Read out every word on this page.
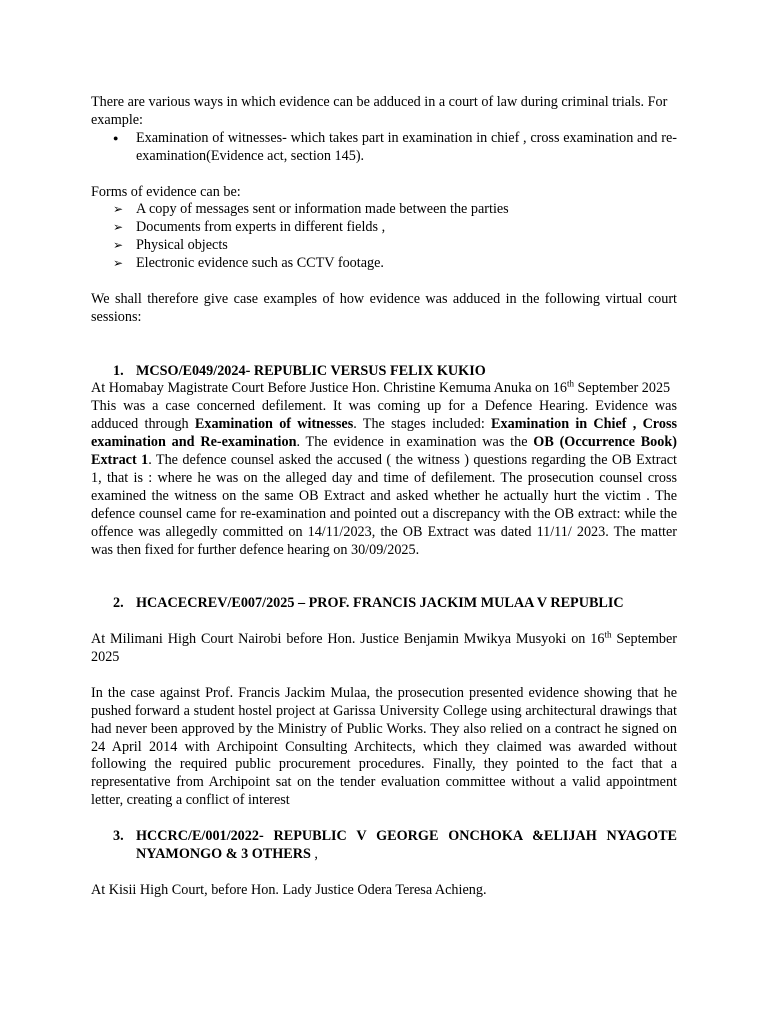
There are various ways in which evidence can be adduced in a court of law during criminal trials. For example:

● Examination of witnesses- which takes part in examination in chief , cross examination and re- examination(Evidence act, section 145).

Forms of evidence can be:

➢ A copy of messages sent or information made between the parties
➢ Documents from experts in different fields ,
➢ Physical objects
➢ Electronic evidence such as CCTV footage.

We shall therefore give case examples of how evidence was adduced in the following virtual court sessions:

1. MCSO/E049/2024- REPUBLIC VERSUS FELIX KUKIO

At Homabay Magistrate Court Before Justice Hon. Christine Kemuma Anuka on 16th September 2025

This was a case concerned defilement. It was coming up for a Defence Hearing. Evidence was adduced through Examination of witnesses. The stages included: Examination in Chief , Cross examination and Re-examination. The evidence in examination was the OB (Occurrence Book) Extract 1. The defence counsel asked the accused ( the witness ) questions regarding the OB Extract 1, that is : where he was on the alleged day and time of defilement. The prosecution counsel cross examined the witness on the same OB Extract and asked whether he actually hurt the victim . The defence counsel came for re-examination and pointed out a discrepancy with the OB extract: while the offence was allegedly committed on 14/11/2023, the OB Extract was dated 11/11/ 2023. The matter was then fixed for further defence hearing on 30/09/2025.

2. HCACECREV/E007/2025 – PROF. FRANCIS JACKIM MULAA V REPUBLIC

At Milimani High Court Nairobi before Hon. Justice Benjamin Mwikya Musyoki on 16th September 2025

In the case against Prof. Francis Jackim Mulaa, the prosecution presented evidence showing that he pushed forward a student hostel project at Garissa University College using architectural drawings that had never been approved by the Ministry of Public Works. They also relied on a contract he signed on 24 April 2014 with Archipoint Consulting Architects, which they claimed was awarded without following the required public procurement procedures. Finally, they pointed to the fact that a representative from Archipoint sat on the tender evaluation committee without a valid appointment letter, creating a conflict of interest

3. HCCRC/E/001/2022- REPUBLIC V GEORGE ONCHOKA &ELIJAH NYAGOTE NYAMONGO & 3 OTHERS ,

At Kisii High Court, before Hon. Lady Justice Odera Teresa Achieng.
